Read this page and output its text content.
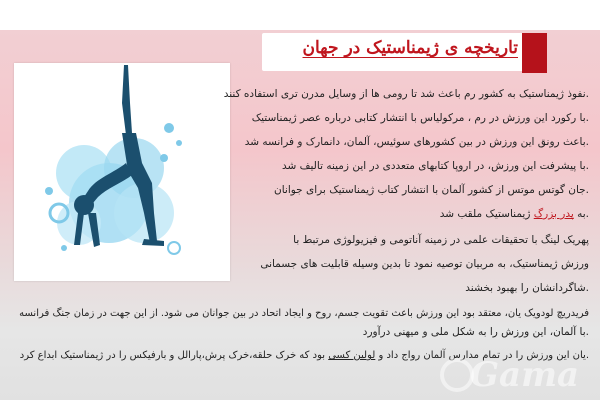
تاریخچه ی ژیمناستیک در جهان
.نفوذ ژیمناستیک به کشور رم باعث شد تا رومی ها از وسایل مدرن تری استفاده کنند
.با رکورد این ورزش در رم ، مرکولیاس با انتشار کتابی درباره عصر ژیمناستیک
.باعث رونق این ورزش در بین کشورهای سوئیس، آلمان، دانمارک و فرانسه شد
.با پیشرفت این ورزش، در اروپا کتابهای متعددی در این زمینه تالیف شد
.جان گوتس موتس از کشور آلمان با انتشار کتاب ژیمناستیک برای جوانان
.به پدر بزرگ ژیمناستیک ملقب شد
پهریک لینگ با تحقیقات علمی در زمینه آناتومی و فیزیولوژی مرتبط با
ورزش ژیمناستیک، به مربیان توصیه نمود تا بدین وسیله قابلیت های جسمانی
.شاگردانشان را بهبود بخشند
فریدریچ لودویک یان، معتقد بود این ورزش باعث تقویت جسم، روح و ایجاد اتحاد در بین جوانان می شود. از این جهت در زمان جنگ فرانسه
.با آلمان، این ورزش را به شکل ملی و میهنی درآورد
.یان این ورزش را در تمام مدارس آلمان رواج داد و لولین کسی بود که خرک حلقه،خرک پرش،پارالل و بارفیکس را در ژیمناستیک ابداع کرد	Gama
